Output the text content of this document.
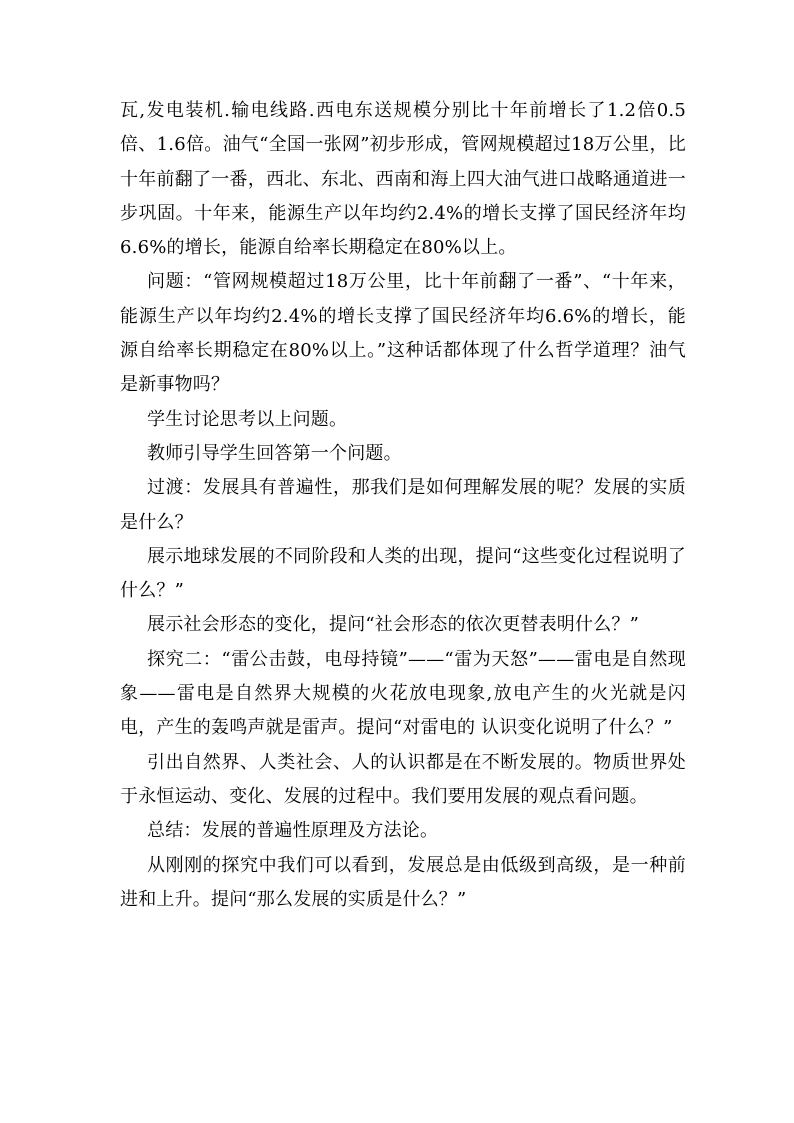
瓦,发电装机.输电线路.西电东送规模分别比十年前增长了1.2倍0.5倍、1.6倍。油气“全国一张网”初步形成，管网规模超过18万公里，比十年前翻了一番，西北、东北、西南和海上四大油气进口战略通道进一步巩固。十年来，能源生产以年均约2.4%的增长支撑了国民经济年均6.6%的增长，能源自给率长期稳定在80%以上。

问题：“管网规模超过18万公里，比十年前翻了一番”、“十年来，能源生产以年均约2.4%的增长支撑了国民经济年均6.6%的增长，能源自给率长期稳定在80%以上。”这种话都体现了什么哲学道理？油气是新事物吗？

学生讨论思考以上问题。

教师引导学生回答第一个问题。

过渡：发展具有普遍性，那我们是如何理解发展的呢？发展的实质是什么？

展示地球发展的不同阶段和人类的出现，提问“这些变化过程说明了什么？”

展示社会形态的变化，提问“社会形态的依次更替表明什么？”

探究二：“雷公击鼓，电母持镜”——“雷为天怒”——雷电是自然现象——雷电是自然界大规模的火花放电现象,放电产生的火光就是闪电，产生的轰鸣声就是雷声。提问“对雷电的 认识变化说明了什么？”

引出自然界、人类社会、人的认识都是在不断发展的。物质世界处于永恒运动、变化、发展的过程中。我们要用发展的观点看问题。

总结：发展的普遍性原理及方法论。

从刚刚的探究中我们可以看到，发展总是由低级到高级，是一种前进和上升。提问“那么发展的实质是什么？”
